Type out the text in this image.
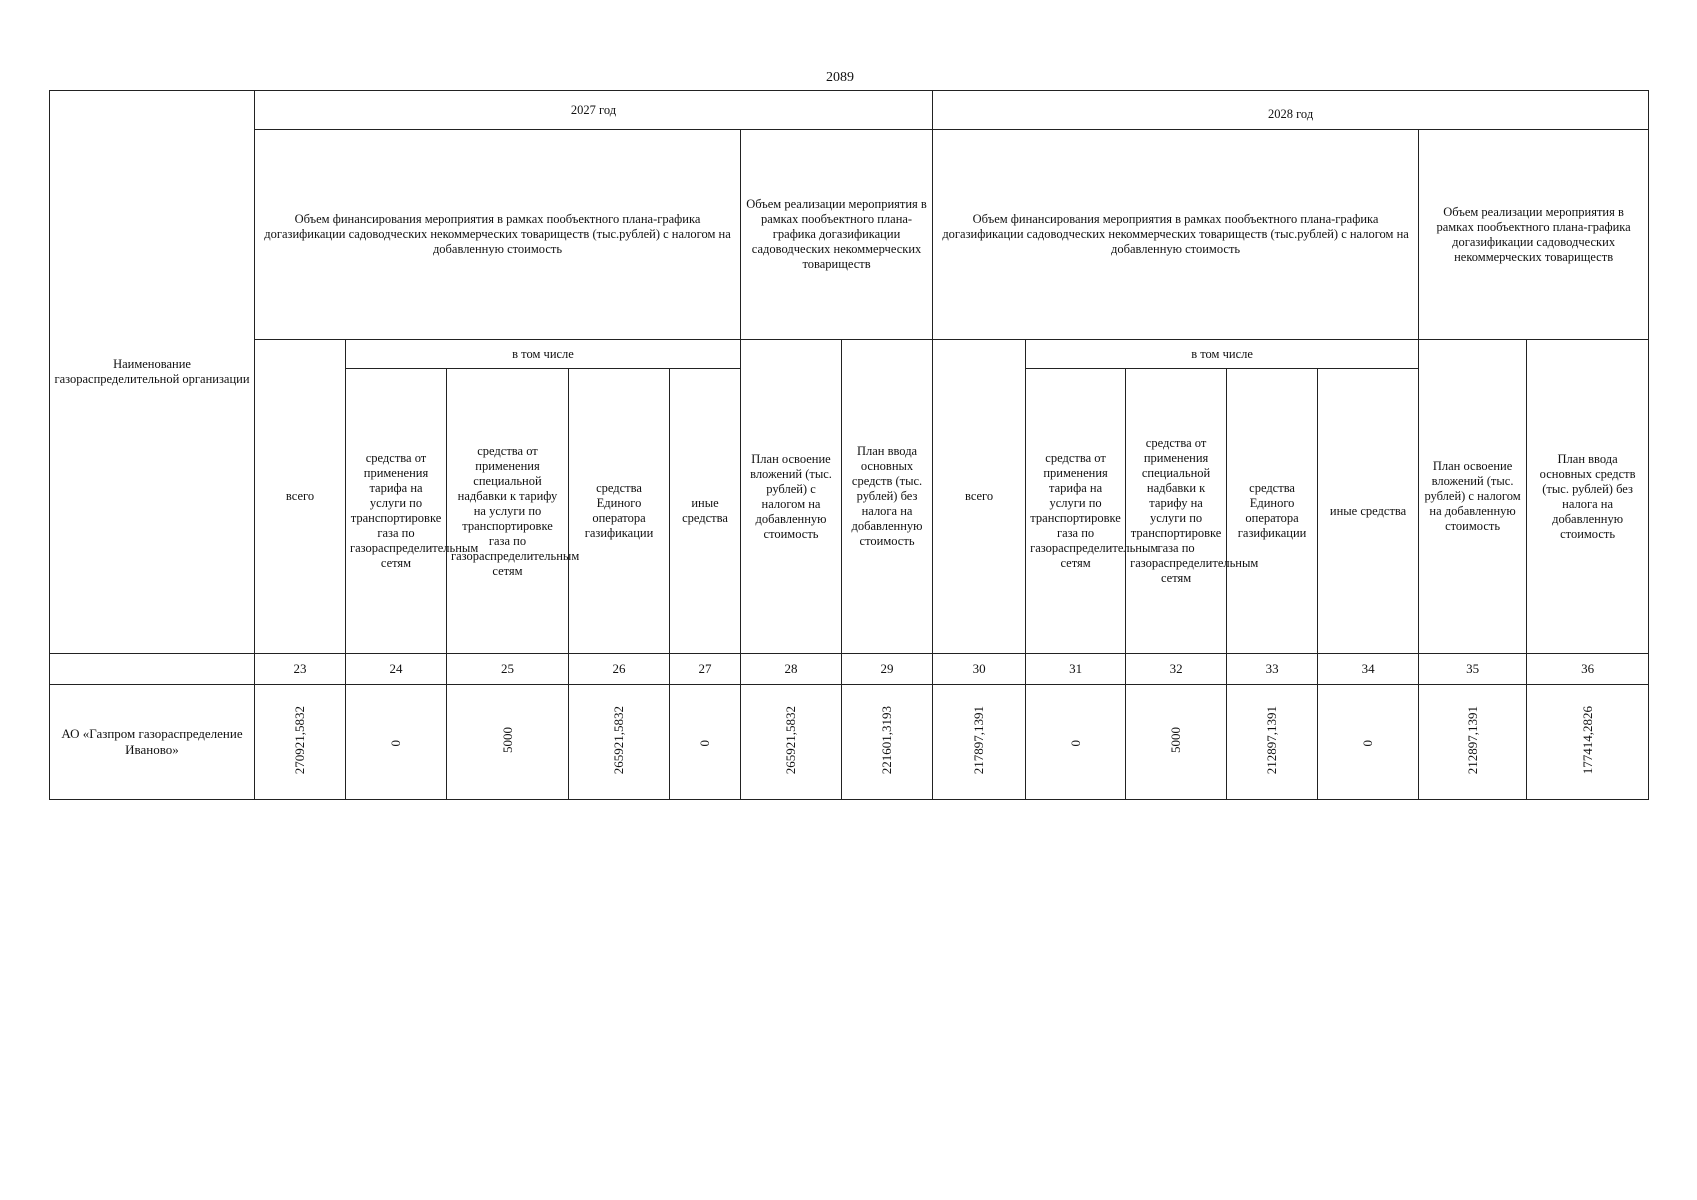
2089
Наименование газораспределительной организации	2027 год							2028 год						
	Объем финансирования мероприятия в рамках пообъектного плана-графика догазификации садоводческих некоммерческих товариществ (тыс.рублей) с налогом на добавленную стоимость					Объем реализации мероприятия в рамках пообъектного плана-графика догазификации садоводческих некоммерческих товариществ		Объем финансирования мероприятия в рамках пообъектного плана-графика догазификации садоводческих некоммерческих товариществ (тыс.рублей) с налогом на добавленную стоимость					Объем реализации мероприятия в рамках пообъектного плана-графика догазификации садоводческих некоммерческих товариществ	
	всего	в том числе				План освоение вложений (тыс. рублей) с налогом на добавленную стоимость	План ввода основных средств (тыс. рублей) без налога на добавленную стоимость	всего	в том числе				План освоение вложений (тыс. рублей) с налогом на добавленную стоимость	План ввода основных средств (тыс. рублей) без налога на добавленную стоимость
		средства от применения тарифа на услуги по транспортировке газа по газораспределительным сетям	средства от применения специальной надбавки к тарифу на услуги по транспортировке газа по газораспределительным сетям	средства Единого оператора газификации	иные средства				средства от применения тарифа на услуги по транспортировке газа по газораспределительным сетям	средства от применения специальной надбавки к тарифу на услуги по транспортировке газа по газораспределительным сетям	средства Единого оператора газификации	иные средства		
	23	24	25	26	27	28	29	30	31	32	33	34	35	36
АО «Газпром газораспределение Иваново»	270921,5832	0	5000	265921,5832	0	265921,5832	221601,3193	217897,1391	0	5000	212897,1391	0	212897,1391	177414,2826
